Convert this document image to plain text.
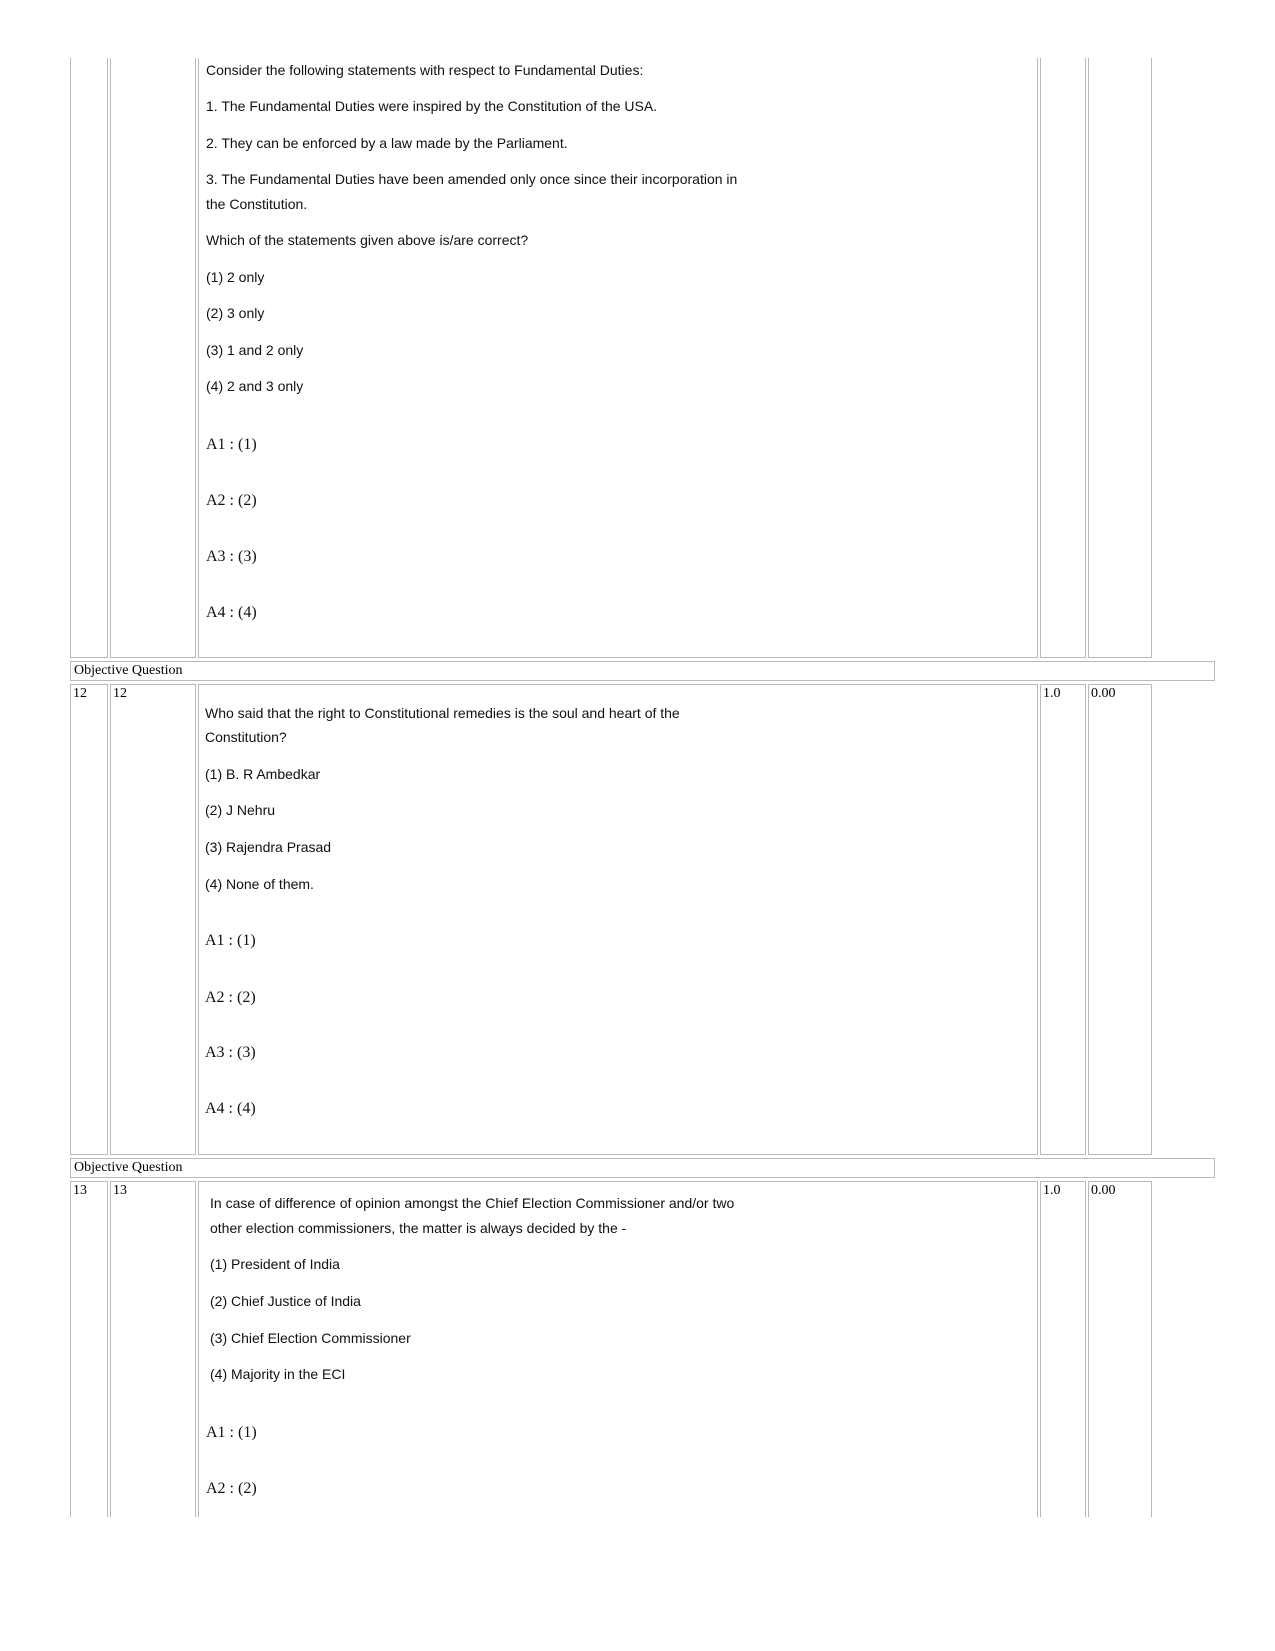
Consider the following statements with respect to Fundamental Duties:
1. The Fundamental Duties were inspired by the Constitution of the USA.
2. They can be enforced by a law made by the Parliament.
3. The Fundamental Duties have been amended only once since their incorporation in
the Constitution.
Which of the statements given above is/are correct?
(1) 2 only
(2) 3 only
(3) 1 and 2 only
(4) 2 and 3 only
A1 : (1)
A2 : (2)
A3 : (3)
A4 : (4)
Objective Question
12 12	1.0 0.00
Who said that the right to Constitutional remedies is the soul and heart of the
Constitution?
(1) B. R Ambedkar
(2) J Nehru
(3) Rajendra Prasad
(4) None of them.
A1 : (1)
A2 : (2)
A3 : (3)
A4 : (4)
Objective Question
13 13	1.0 0.00
In case of difference of opinion amongst the Chief Election Commissioner and/or two
other election commissioners, the matter is always decided by the -
(1) President of India
(2) Chief Justice of India
(3) Chief Election Commissioner
(4) Majority in the ECI
A1 : (1)
A2 : (2)
